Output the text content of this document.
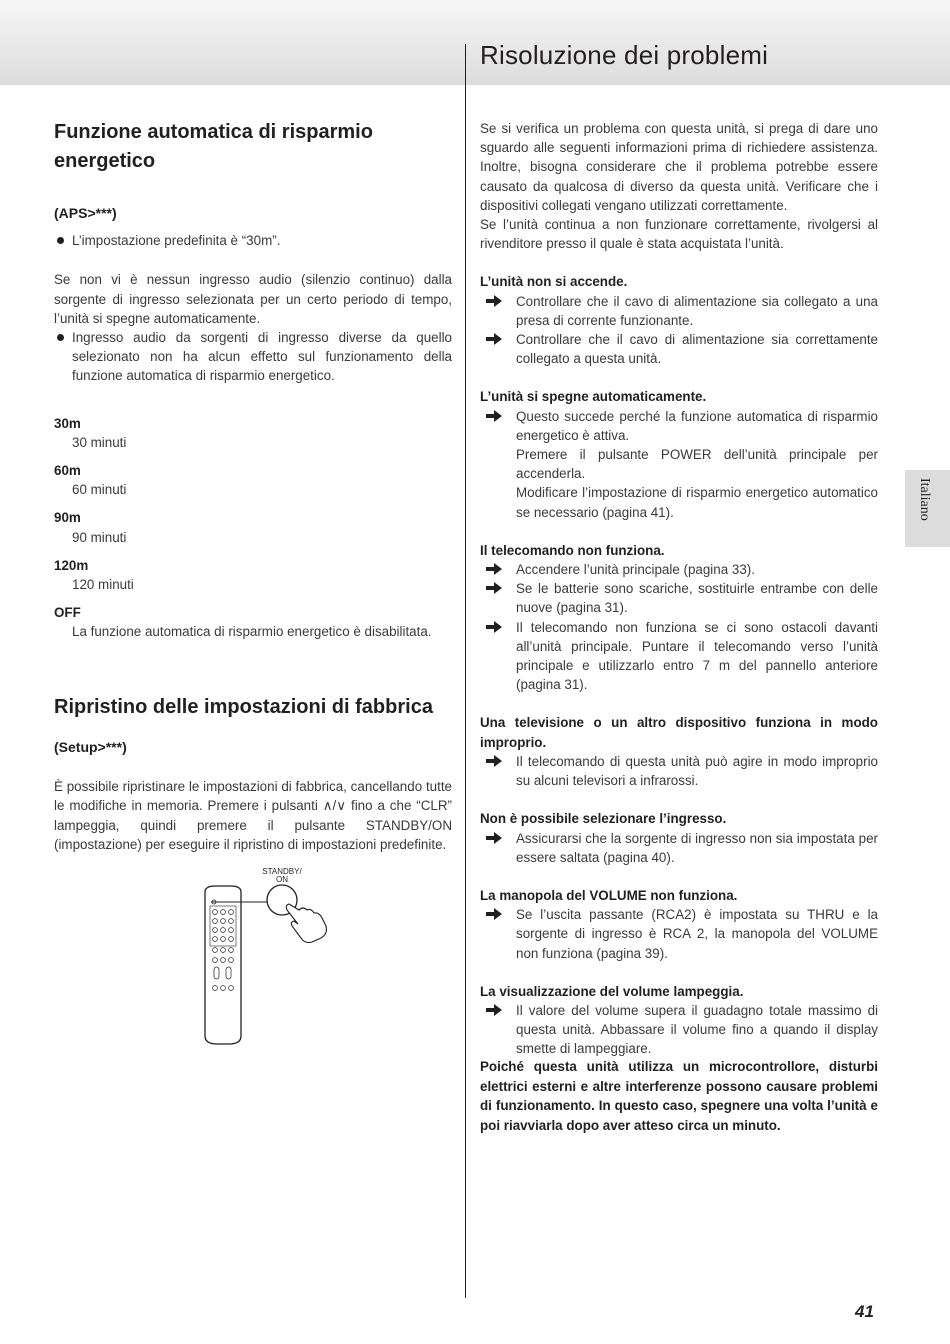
Risoluzione dei problemi
Italiano
Funzione automatica di risparmio energetico
(APS>***)
L’impostazione predefinita è “30m”.

Se non vi è nessun ingresso audio (silenzio continuo) dalla sorgente di ingresso selezionata per un certo periodo di tempo, l’unità si spegne automaticamente.

Ingresso audio da sorgenti di ingresso diverse da quello selezionato non ha alcun effetto sul funzionamento della funzione automatica di risparmio energetico.
30m
30 minuti
60m
60 minuti
90m
90 minuti
120m
120 minuti
OFF
La funzione automatica di risparmio energetico è disabilitata.
Ripristino delle impostazioni di fabbrica
(Setup>***)

È possibile ripristinare le impostazioni di fabbrica, cancellando tutte le modifiche in memoria. Premere i pulsanti ∧/∨ fino a che “CLR” lampeggia, quindi premere il pulsante STANDBY/ON (impostazione) per eseguire il ripristino di impostazioni predefinite.

STANDBY/
ON

Se si verifica un problema con questa unità, si prega di dare uno sguardo alle seguenti informazioni prima di richiedere assistenza. Inoltre, bisogna considerare che il problema potrebbe essere causato da qualcosa di diverso da questa unità. Verificare che i dispositivi collegati vengano utilizzati correttamente.

Se l’unità continua a non funzionare correttamente, rivolgersi al rivenditore presso il quale è stata acquistata l’unità.

L’unità non si accende.
Controllare che il cavo di alimentazione sia collegato a una presa di corrente funzionante.
Controllare che il cavo di alimentazione sia correttamente collegato a questa unità.
L’unità si spegne automaticamente.
Questo succede perché la funzione automatica di risparmio energetico è attiva.
Premere il pulsante POWER dell’unità principale per accenderla.
Modificare l’impostazione di risparmio energetico automatico se necessario (pagina 41).
Il telecomando non funziona.
Accendere l’unità principale (pagina 33).
Se le batterie sono scariche, sostituirle entrambe con delle nuove (pagina 31).
Il telecomando non funziona se ci sono ostacoli davanti all’unità principale. Puntare il telecomando verso l’unità principale e utilizzarlo entro 7 m del pannello anteriore (pagina 31).
Una televisione o un altro dispositivo funziona in modo improprio.
Il telecomando di questa unità può agire in modo improprio su alcuni televisori a infrarossi.
Non è possibile selezionare l’ingresso.
Assicurarsi che la sorgente di ingresso non sia impostata per essere saltata (pagina 40).
La manopola del VOLUME non funziona.
Se l’uscita passante (RCA2) è impostata su THRU e la sorgente di ingresso è RCA 2, la manopola del VOLUME non funziona (pagina 39).
La visualizzazione del volume lampeggia.
Il valore del volume supera il guadagno totale massimo di questa unità. Abbassare il volume fino a quando il display smette di lampeggiare.

Poiché questa unità utilizza un microcontrollore, disturbi elettrici esterni e altre interferenze possono causare problemi di funzionamento. In questo caso, spegnere una volta l’unità e poi riavviarla dopo aver atteso circa un minuto.

41
